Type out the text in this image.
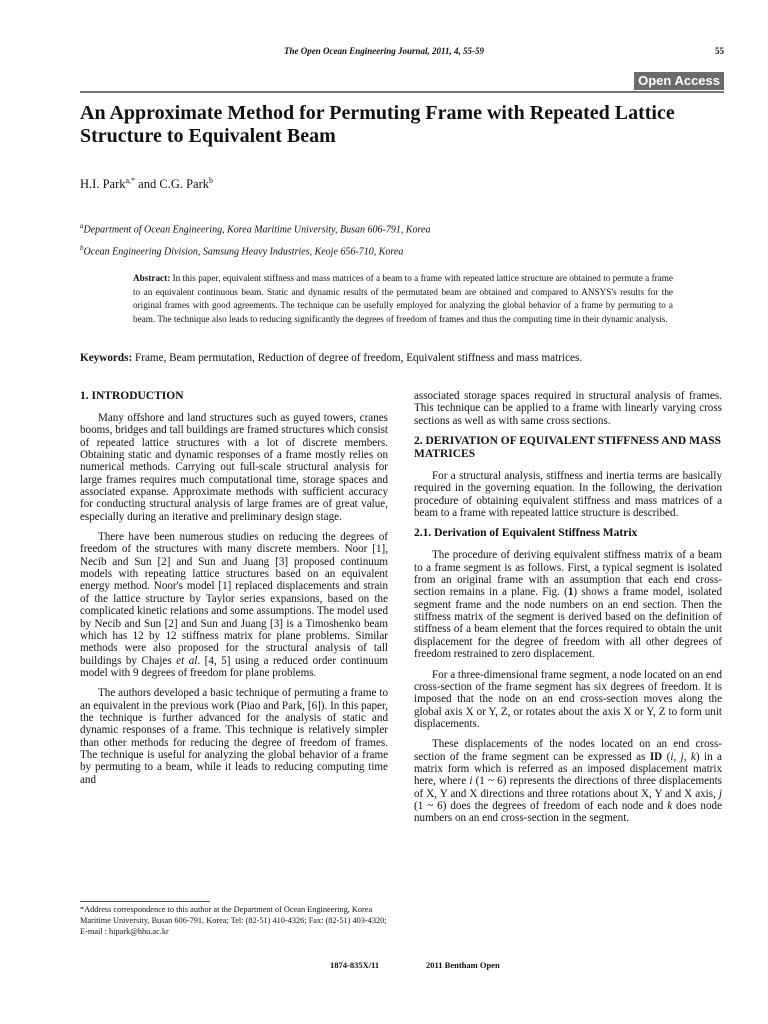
The Open Ocean Engineering Journal, 2011, 4, 55-59	55
Open Access
An Approximate Method for Permuting Frame with Repeated Lattice Structure to Equivalent Beam
H.I. Park$^{a,*}$ and C.G. Park$^b$
$^a$Department of Ocean Engineering, Korea Maritime University, Busan 606-791, Korea
$^b$Ocean Engineering Division, Samsung Heavy Industries, Keoje 656-710, Korea
Abstract: In this paper, equivalent stiffness and mass matrices of a beam to a frame with repeated lattice structure are obtained to permute a frame to an equivalent continuous beam. Static and dynamic results of the permutated beam are obtained and compared to ANSYS's results for the original frames with good agreements. The technique can be usefully employed for analyzing the global behavior of a frame by permuting to a beam. The technique also leads to reducing significantly the degrees of freedom of frames and thus the computing time in their dynamic analysis.
Keywords: Frame, Beam permutation, Reduction of degree of freedom, Equivalent stiffness and mass matrices.
1. INTRODUCTION

Many offshore and land structures such as guyed towers, cranes booms, bridges and tall buildings are framed structures which consist of repeated lattice structures with a lot of discrete members. Obtaining static and dynamic responses of a frame mostly relies on numerical methods. Carrying out full-scale structural analysis for large frames requires much computational time, storage spaces and associated expanse. Approximate methods with sufficient accuracy for conducting structural analysis of large frames are of great value, especially during an iterative and preliminary design stage.

There have been numerous studies on reducing the degrees of freedom of the structures with many discrete members. Noor [1], Necib and Sun [2] and Sun and Juang [3] proposed continuum models with repeating lattice structures based on an equivalent energy method. Noor's model [1] replaced displacements and strain of the lattice structure by Taylor series expansions, based on the complicated kinetic relations and some assumptions. The model used by Necib and Sun [2] and Sun and Juang [3] is a Timoshenko beam which has 12 by 12 stiffness matrix for plane problems. Similar methods were also proposed for the structural analysis of tall buildings by Chajes et al. [4, 5] using a reduced order continuum model with 9 degrees of freedom for plane problems.

The authors developed a basic technique of permuting a frame to an equivalent in the previous work (Piao and Park, [6]). In this paper, the technique is further advanced for the analysis of static and dynamic responses of a frame. This technique is relatively simpler than other methods for reducing the degree of freedom of frames. The technique is useful for analyzing the global behavior of a frame by permuting to a beam, while it leads to reducing computing time and

associated storage spaces required in structural analysis of frames. This technique can be applied to a frame with linearly varying cross sections as well as with same cross sections.

2. DERIVATION OF EQUIVALENT STIFFNESS AND MASS MATRICES

For a structural analysis, stiffness and inertia terms are basically required in the governing equation. In the following, the derivation procedure of obtaining equivalent stiffness and mass matrices of a beam to a frame with repeated lattice structure is described.

2.1. Derivation of Equivalent Stiffness Matrix

The procedure of deriving equivalent stiffness matrix of a beam to a frame segment is as follows. First, a typical segment is isolated from an original frame with an assumption that each end cross-section remains in a plane. Fig. (1) shows a frame model, isolated segment frame and the node numbers on an end section. Then the stiffness matrix of the segment is derived based on the definition of stiffness of a beam element that the forces required to obtain the unit displacement for the degree of freedom with all other degrees of freedom restrained to zero displacement.

For a three-dimensional frame segment, a node located on an end cross-section of the frame segment has six degrees of freedom. It is imposed that the node on an end cross-section moves along the global axis X or Y, Z, or rotates about the axis X or Y, Z to form unit displacements.

These displacements of the nodes located on an end cross-section of the frame segment can be expressed as ID (i, j, k) in a matrix form which is referred as an imposed displacement matrix here, where i (1 ~ 6) represents the directions of three displacements of X, Y and X directions and three rotations about X, Y and X axis, j (1 ~ 6) does the degrees of freedom of each node and k does node numbers on an end cross-section in the segment.

*Address correspondence to this author at the Department of Ocean Engineering, Korea Maritime University, Busan 606-791, Korea; Tel: (82-51) 410-4326; Fax: (82-51) 403-4320; E-mail : hipark@hhu.ac.kr
1874-835X/11	2011 Bentham Open
